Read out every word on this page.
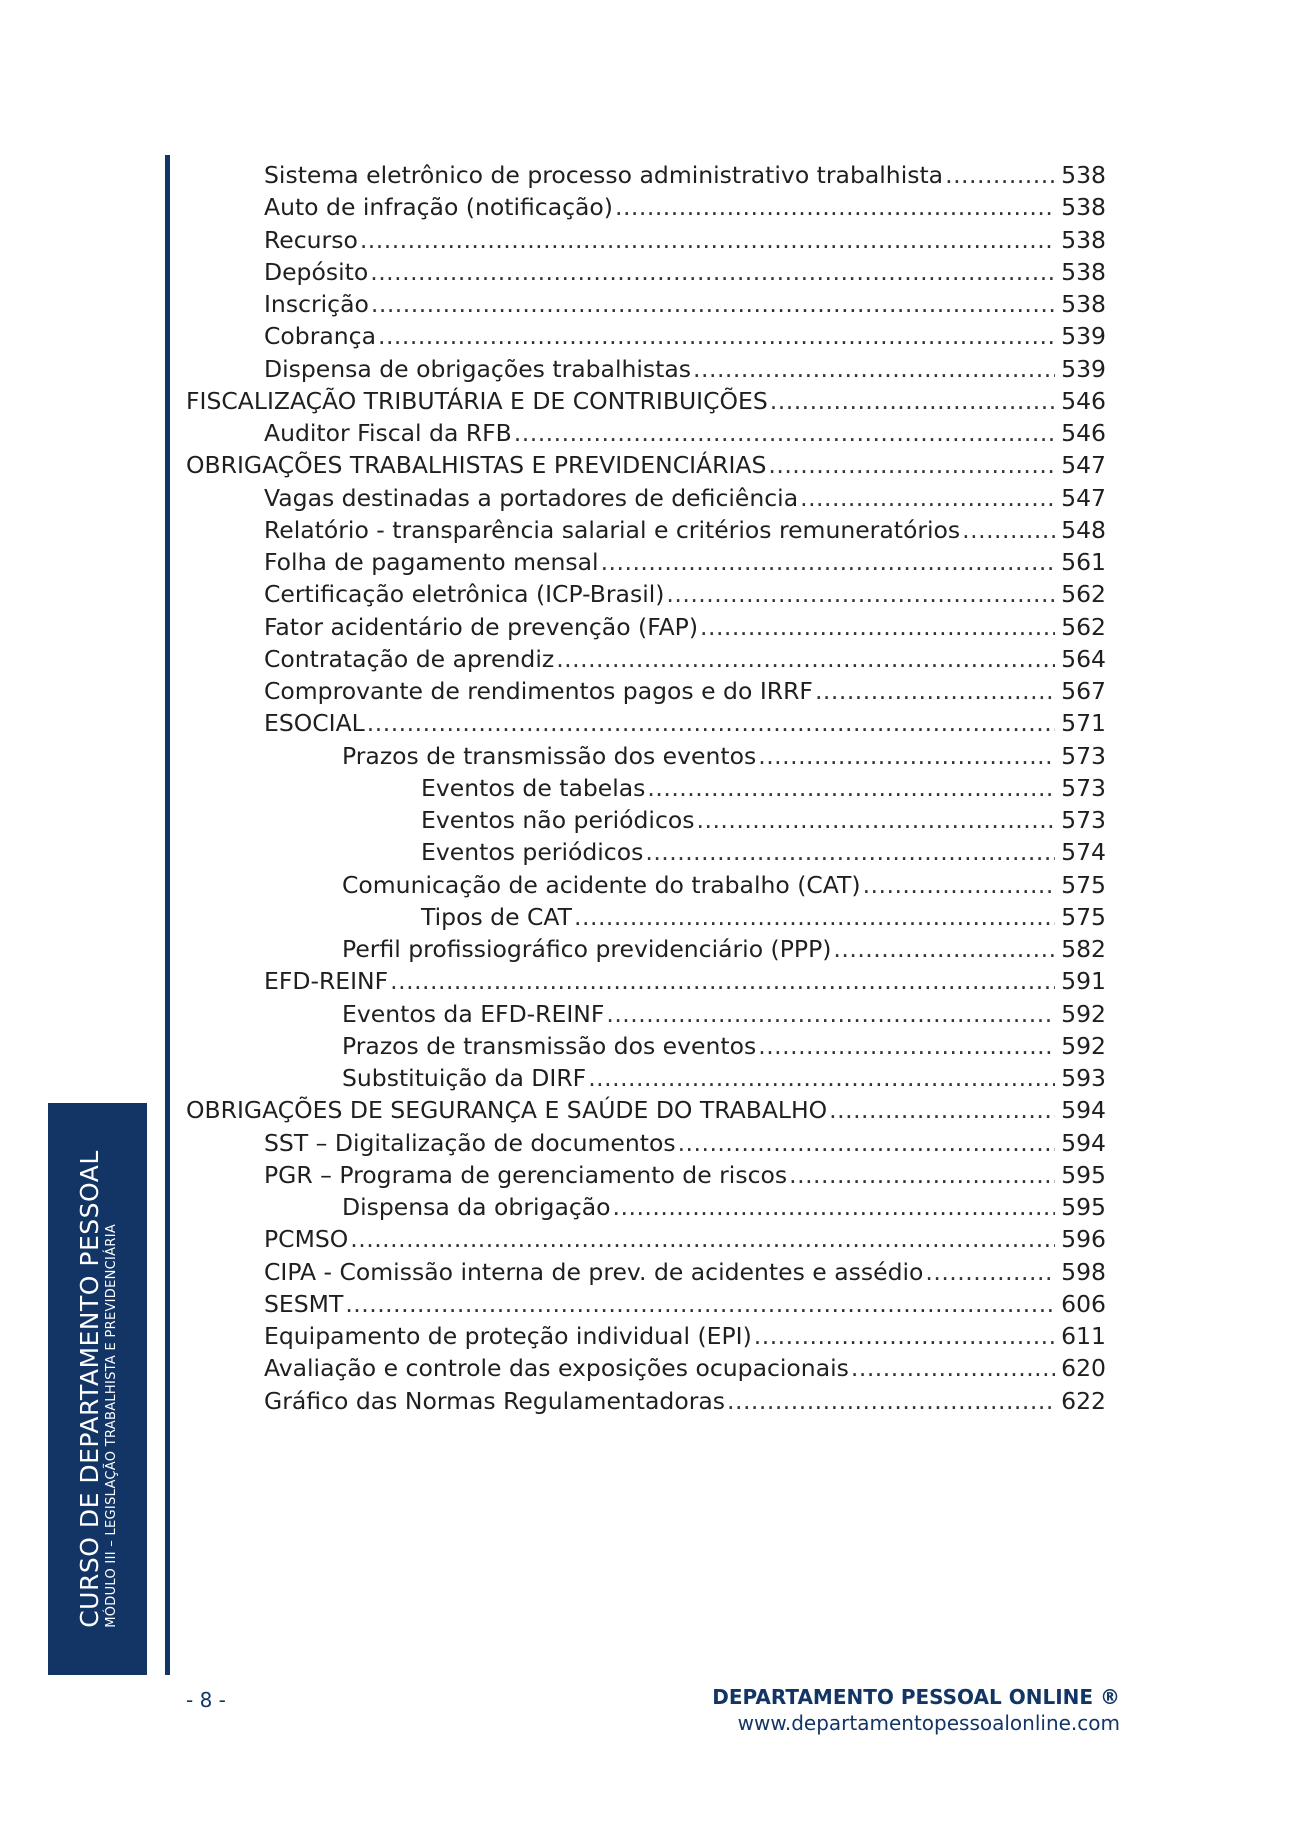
CURSO DE DEPARTAMENTO PESSOAL MÓDULO III – LEGISLAÇÃO TRABALHISTA E PREVIDENCIÁRIA
Sistema eletrônico de processo administrativo trabalhista .....	538
Auto de infração (notificação) .....	538
Recurso .....	538
Depósito .....	538
Inscrição .....	538
Cobrança .....	539
Dispensa de obrigações trabalhistas .....	539
FISCALIZAÇÃO TRIBUTÁRIA E DE CONTRIBUIÇÕES .....	546
Auditor Fiscal da RFB .....	546
OBRIGAÇÕES TRABALHISTAS E PREVIDENCIÁRIAS .....	547
Vagas destinadas a portadores de deficiência .....	547
Relatório - transparência salarial e critérios remuneratórios .....	548
Folha de pagamento mensal .....	561
Certificação eletrônica (ICP-Brasil) .....	562
Fator acidentário de prevenção (FAP) .....	562
Contratação de aprendiz .....	564
Comprovante de rendimentos pagos e do IRRF .....	567
ESOCIAL .....	571
Prazos de transmissão dos eventos .....	573
Eventos de tabelas .....	573
Eventos não periódicos .....	573
Eventos periódicos .....	574
Comunicação de acidente do trabalho (CAT) .....	575
Tipos de CAT .....	575
Perfil profissiográfico previdenciário (PPP) .....	582
EFD-REINF .....	591
Eventos da EFD-REINF .....	592
Prazos de transmissão dos eventos .....	592
Substituição da DIRF .....	593
OBRIGAÇÕES DE SEGURANÇA E SAÚDE DO TRABALHO .....	594
SST – Digitalização de documentos .....	594
PGR – Programa de gerenciamento de riscos .....	595
Dispensa da obrigação .....	595
PCMSO .....	596
CIPA - Comissão interna de prev. de acidentes e assédio .....	598
SESMT .....	606
Equipamento de proteção individual (EPI) .....	611
Avaliação e controle das exposições ocupacionais .....	620
Gráfico das Normas Regulamentadoras .....	622
- 8 -	DEPARTAMENTO PESSOAL ONLINE ®
www.departamentopessoalonline.com
